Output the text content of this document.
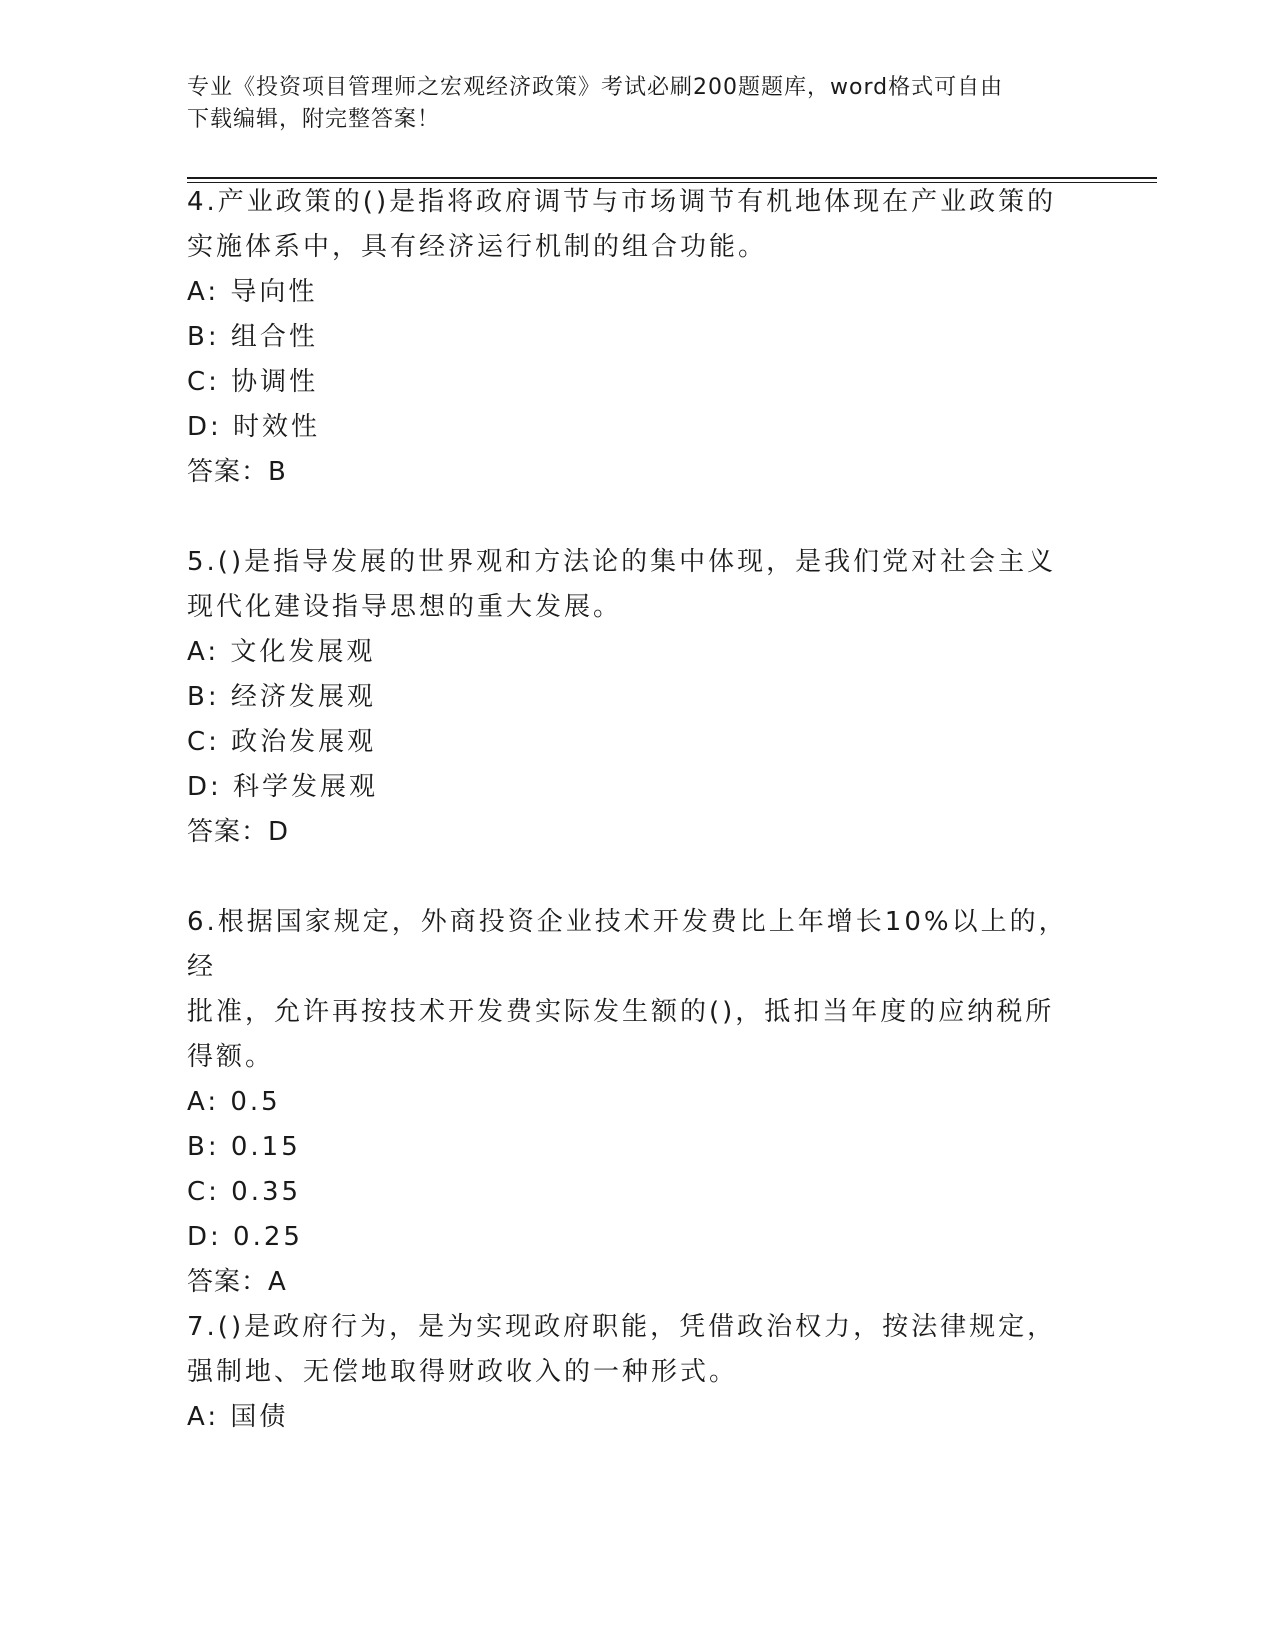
专业《投资项目管理师之宏观经济政策》考试必刷200题题库，word格式可自由
下载编辑，附完整答案！

4.产业政策的()是指将政府调节与市场调节有机地体现在产业政策的
实施体系中，具有经济运行机制的组合功能。

A: 导向性

B: 组合性

C: 协调性

D: 时效性

答案：B

5.()是指导发展的世界观和方法论的集中体现，是我们党对社会主义
现代化建设指导思想的重大发展。

A: 文化发展观

B: 经济发展观

C: 政治发展观

D: 科学发展观

答案：D

6.根据国家规定，外商投资企业技术开发费比上年增长10%以上的，经
批准，允许再按技术开发费实际发生额的()，抵扣当年度的应纳税所
得额。

A: 0.5

B: 0.15

C: 0.35

D: 0.25

答案：A

7.()是政府行为，是为实现政府职能，凭借政治权力，按法律规定，
强制地、无偿地取得财政收入的一种形式。

A: 国债
